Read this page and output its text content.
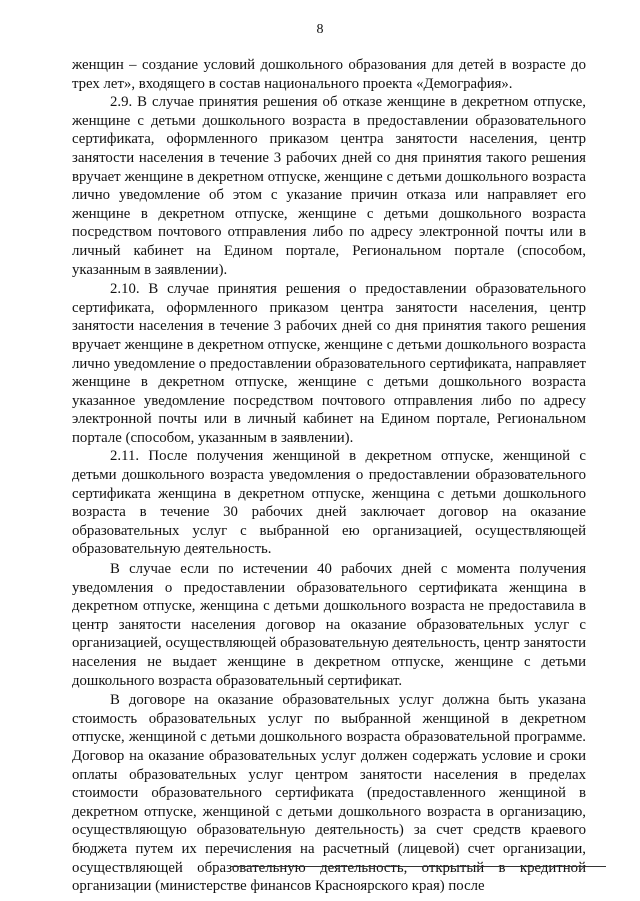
8

женщин – создание условий дошкольного образования для детей в возрасте до трех лет», входящего в состав национального проекта «Демография».

2.9. В случае принятия решения об отказе женщине в декретном отпуске, женщине с детьми дошкольного возраста в предоставлении образовательного сертификата, оформленного приказом центра занятости населения, центр занятости населения в течение 3 рабочих дней со дня принятия такого решения вручает женщине в декретном отпуске, женщине с детьми дошкольного возраста лично уведомление об этом с указание причин отказа или направляет его женщине в декретном отпуске, женщине с детьми дошкольного возраста посредством почтового отправления либо по адресу электронной почты или в личный кабинет на Едином портале, Региональном портале (способом, указанным в заявлении).

2.10. В случае принятия решения о предоставлении образовательного сертификата, оформленного приказом центра занятости населения, центр занятости населения в течение 3 рабочих дней со дня принятия такого решения вручает женщине в декретном отпуске, женщине с детьми дошкольного возраста лично уведомление о предоставлении образовательного сертификата, направляет женщине в декретном отпуске, женщине с детьми дошкольного возраста указанное уведомление посредством почтового отправления либо по адресу электронной почты или в личный кабинет на Едином портале, Региональном портале (способом, указанным в заявлении).

2.11. После получения женщиной в декретном отпуске, женщиной с детьми дошкольного возраста уведомления о предоставлении образовательного сертификата женщина в декретном отпуске, женщина с детьми дошкольного возраста в течение 30 рабочих дней заключает договор на оказание образовательных услуг с выбранной ею организацией, осуществляющей образовательную деятельность.

В случае если по истечении 40 рабочих дней с момента получения уведомления о предоставлении образовательного сертификата женщина в декретном отпуске, женщина с детьми дошкольного возраста не предоставила в центр занятости населения договор на оказание образовательных услуг с организацией, осуществляющей образовательную деятельность, центр занятости населения не выдает женщине в декретном отпуске, женщине с детьми дошкольного возраста образовательный сертификат.

В договоре на оказание образовательных услуг должна быть указана стоимость образовательных услуг по выбранной женщиной в декретном отпуске, женщиной с детьми дошкольного возраста образовательной программе. Договор на оказание образовательных услуг должен содержать условие и сроки оплаты образовательных услуг центром занятости населения в пределах стоимости образовательного сертификата (предоставленного женщиной в декретном отпуске, женщиной с детьми дошкольного возраста в организацию, осуществляющую образовательную деятельность) за счет средств краевого бюджета путем их перечисления на расчетный (лицевой) счет организации, осуществляющей образовательную деятельность, открытый в кредитной организации (министерстве финансов Красноярского края) после
